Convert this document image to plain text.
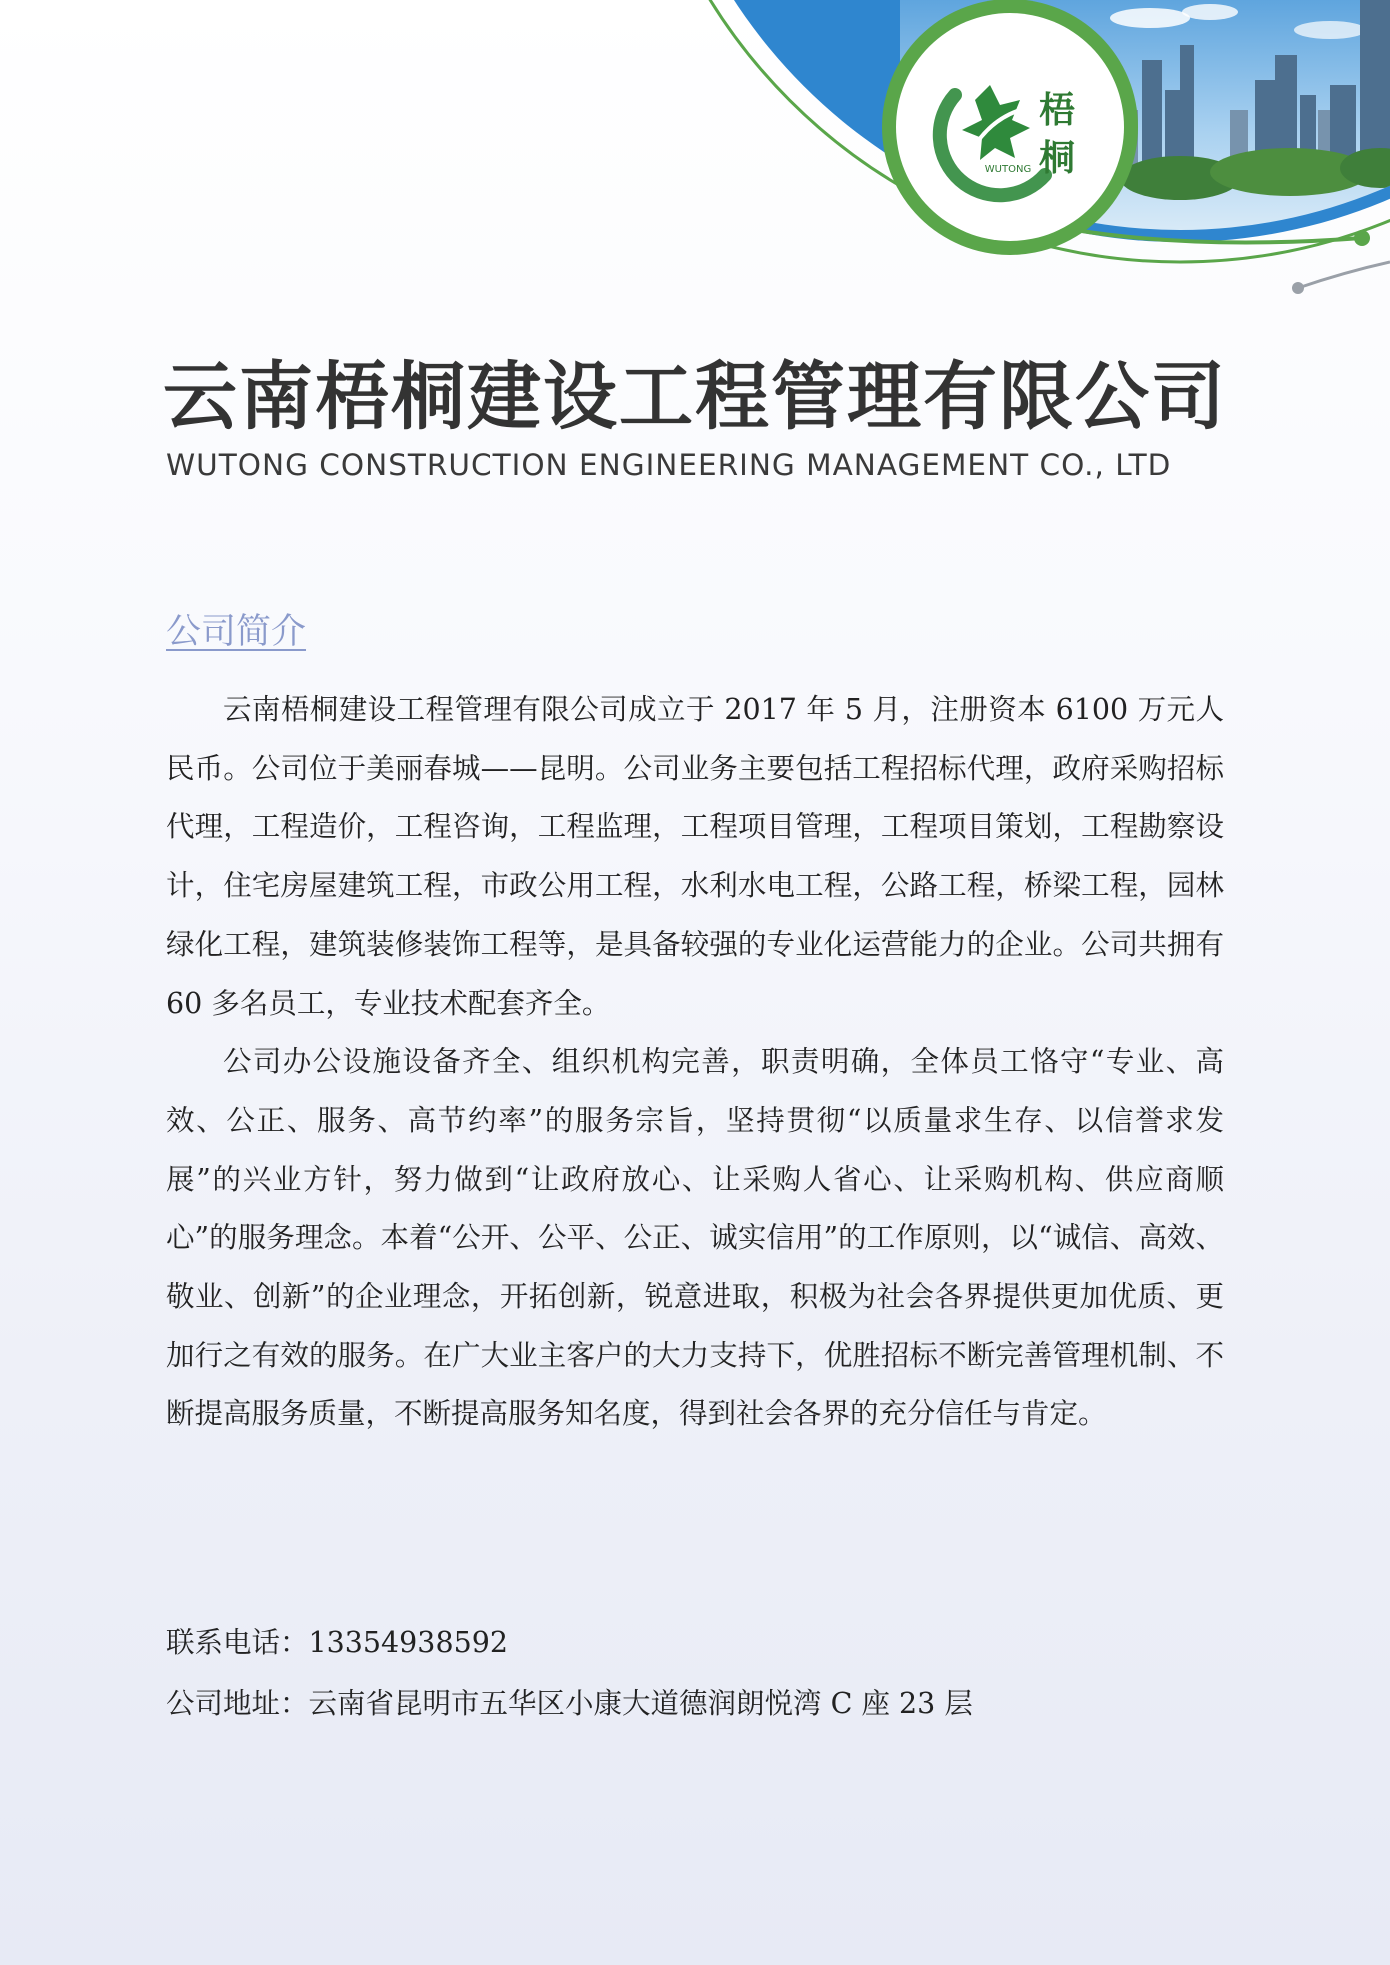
梧
桐
WUTONG
云南梧桐建设工程管理有限公司
WUTONG CONSTRUCTION ENGINEERING MANAGEMENT CO., LTD
公司简介

云南梧桐建设工程管理有限公司成立于 2017 年 5 月，注册资本 6100 万元人民币。公司位于美丽春城——昆明。公司业务主要包括工程招标代理，政府采购招标代理，工程造价，工程咨询，工程监理，工程项目管理，工程项目策划，工程勘察设计，住宅房屋建筑工程，市政公用工程，水利水电工程，公路工程，桥梁工程，园林绿化工程，建筑装修装饰工程等，是具备较强的专业化运营能力的企业。公司共拥有 60 多名员工，专业技术配套齐全。

公司办公设施设备齐全、组织机构完善，职责明确，全体员工恪守“专业、高效、公正、服务、高节约率”的服务宗旨，坚持贯彻“以质量求生存、以信誉求发展”的兴业方针，努力做到“让政府放心、让采购人省心、让采购机构、供应商顺心”的服务理念。本着“公开、公平、公正、诚实信用”的工作原则，以“诚信、高效、敬业、创新”的企业理念，开拓创新，锐意进取，积极为社会各界提供更加优质、更加行之有效的服务。在广大业主客户的大力支持下，优胜招标不断完善管理机制、不断提高服务质量，不断提高服务知名度，得到社会各界的充分信任与肯定。

联系电话：13354938592

公司地址：云南省昆明市五华区小康大道德润朗悦湾 C 座 23 层
